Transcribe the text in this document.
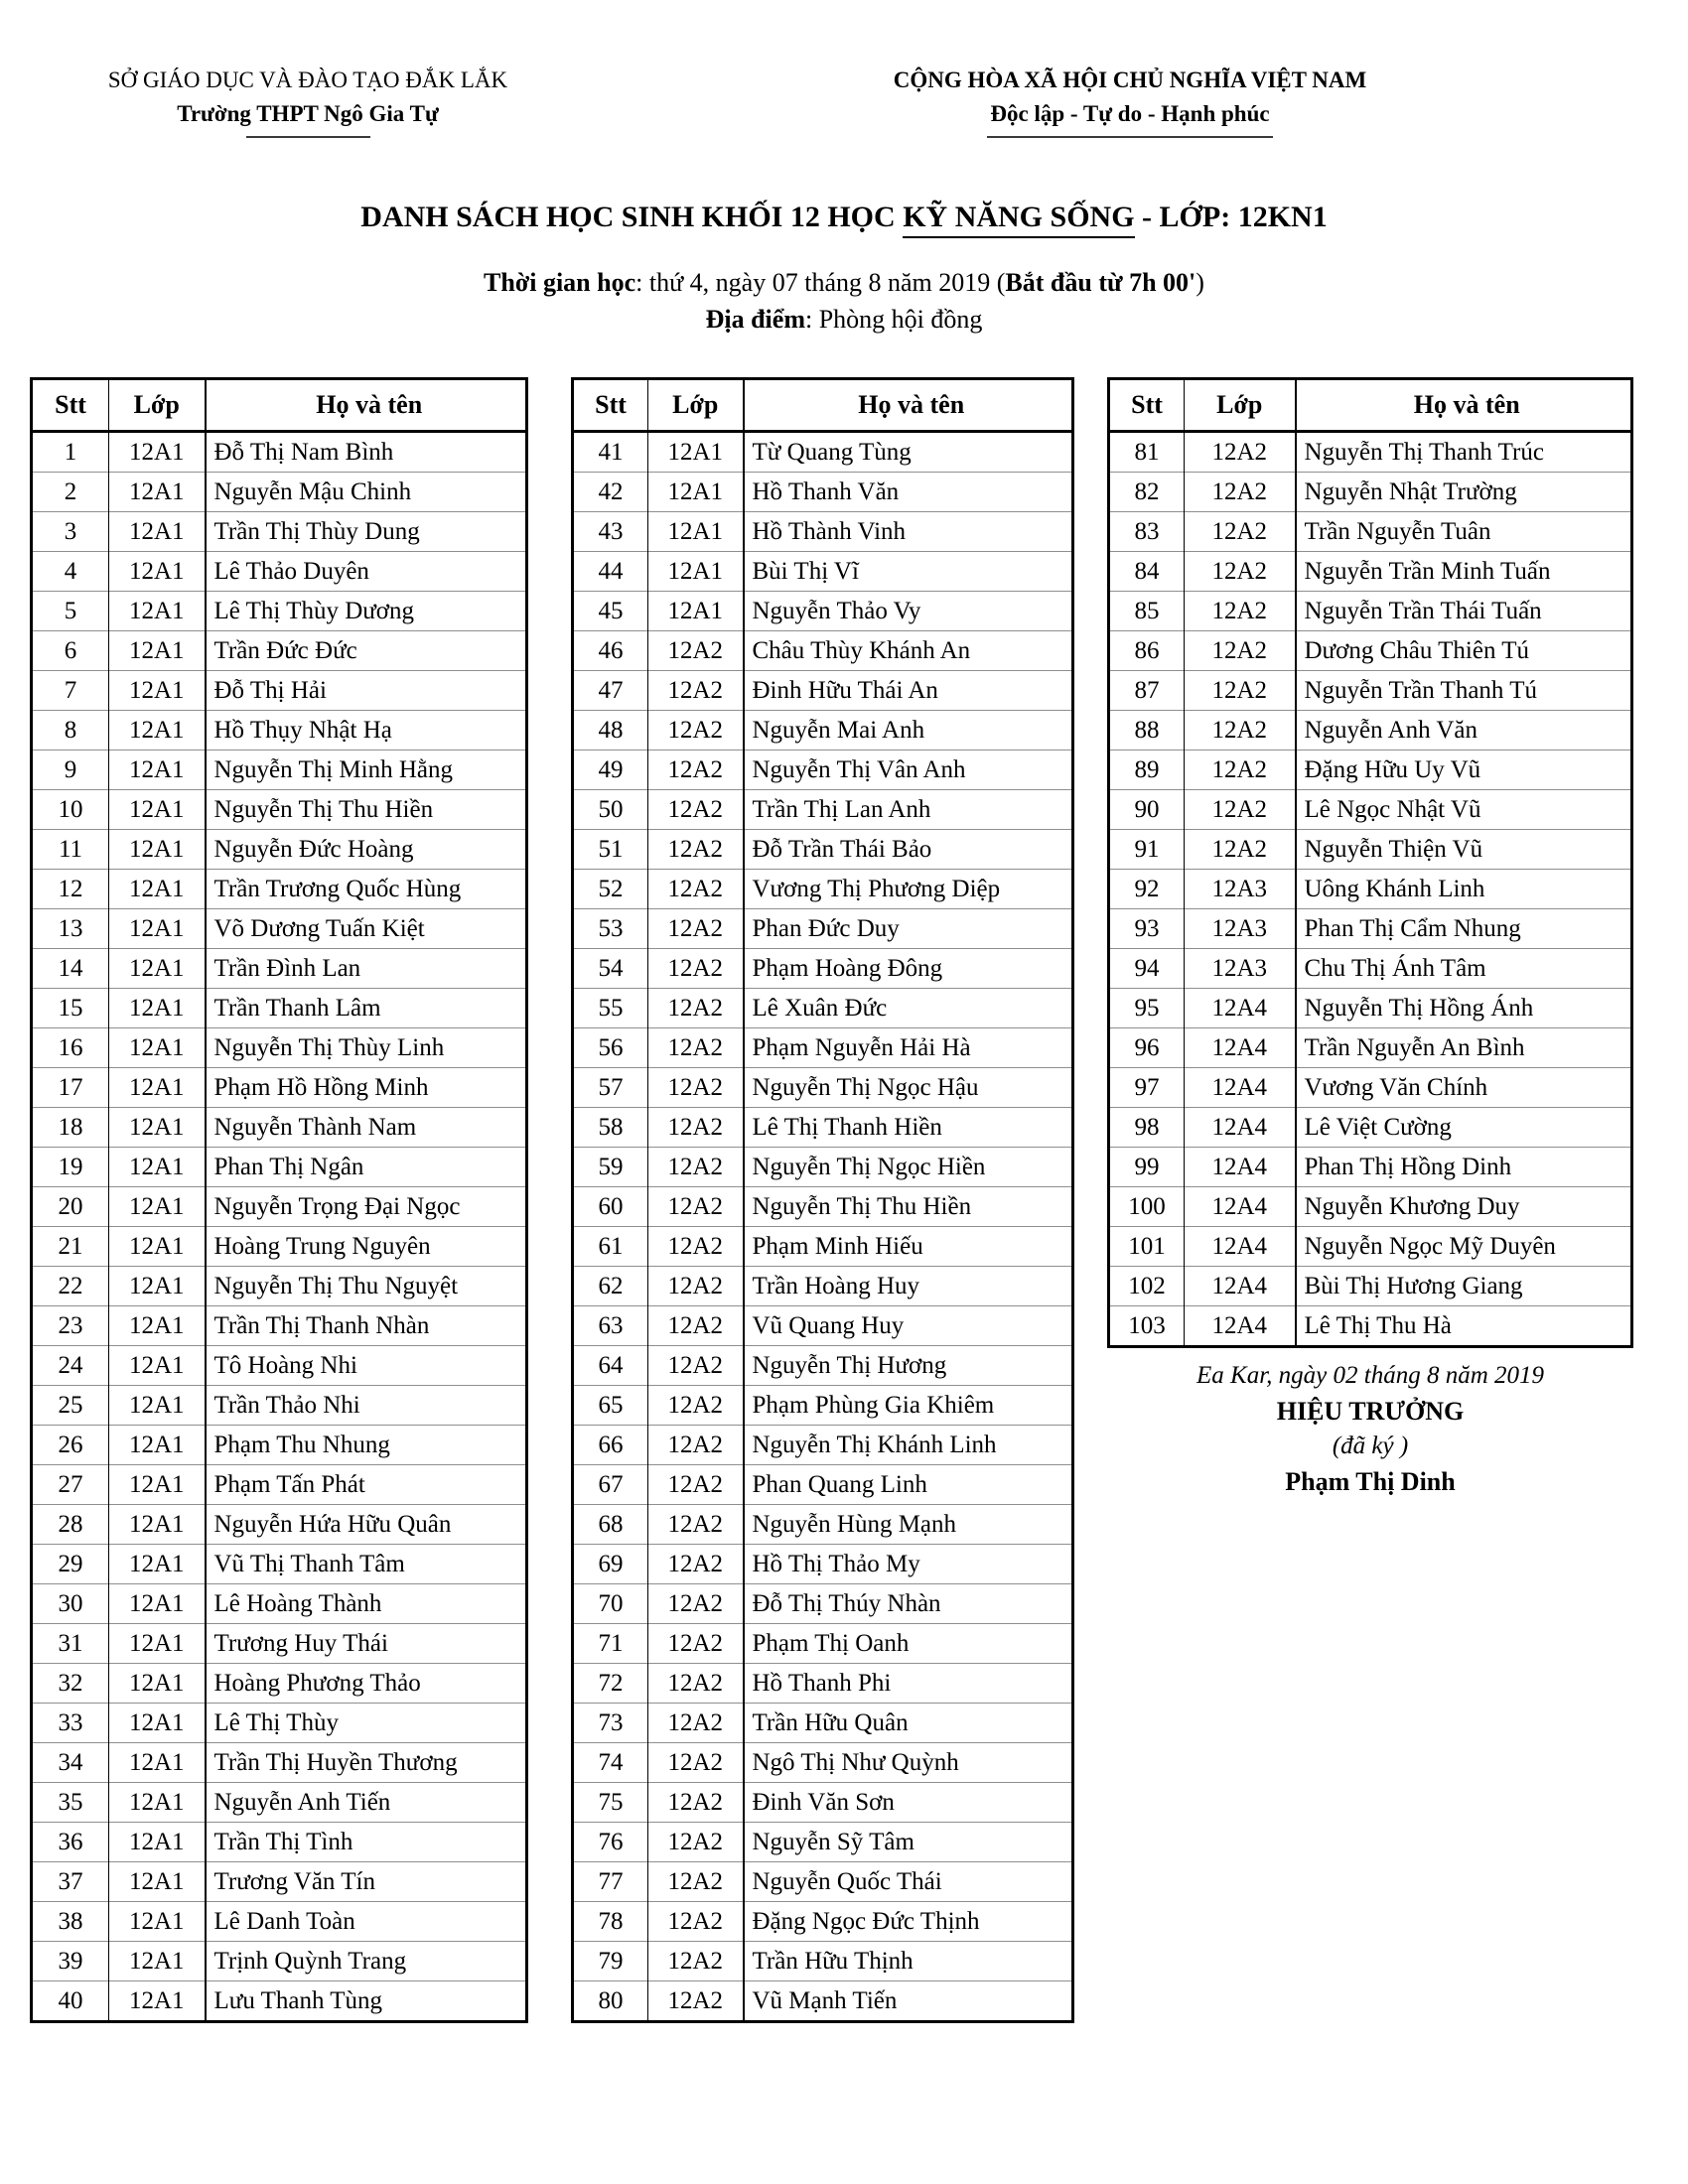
SỞ GIÁO DỤC VÀ ĐÀO TẠO ĐẮK LẮK
Trường THPT Ngô Gia Tự
CỘNG HÒA XÃ HỘI CHỦ NGHĨA VIỆT NAM
Độc lập - Tự do - Hạnh phúc
DANH SÁCH HỌC SINH KHỐI 12 HỌC KỸ NĂNG SỐNG - LỚP: 12KN1
Thời gian học: thứ 4, ngày 07 tháng 8 năm 2019 (Bắt đầu từ 7h 00')
Địa điểm: Phòng hội đồng
Stt	Lớp	Họ và tên
1	12A1	Đỗ Thị Nam Bình
2	12A1	Nguyễn Mậu Chinh
3	12A1	Trần Thị Thùy Dung
4	12A1	Lê Thảo Duyên
5	12A1	Lê Thị Thùy Dương
6	12A1	Trần Đức Đức
7	12A1	Đỗ Thị Hải
8	12A1	Hồ Thụy Nhật Hạ
9	12A1	Nguyễn Thị Minh Hằng
10	12A1	Nguyễn Thị Thu Hiền
11	12A1	Nguyễn Đức Hoàng
12	12A1	Trần Trương Quốc Hùng
13	12A1	Võ Dương Tuấn Kiệt
14	12A1	Trần Đình Lan
15	12A1	Trần Thanh Lâm
16	12A1	Nguyễn Thị Thùy Linh
17	12A1	Phạm Hồ Hồng Minh
18	12A1	Nguyễn Thành Nam
19	12A1	Phan Thị Ngân
20	12A1	Nguyễn Trọng Đại Ngọc
21	12A1	Hoàng Trung Nguyên
22	12A1	Nguyễn Thị Thu Nguyệt
23	12A1	Trần Thị Thanh Nhàn
24	12A1	Tô Hoàng Nhi
25	12A1	Trần Thảo Nhi
26	12A1	Phạm Thu Nhung
27	12A1	Phạm Tấn Phát
28	12A1	Nguyễn Hứa Hữu Quân
29	12A1	Vũ Thị Thanh Tâm
30	12A1	Lê Hoàng Thành
31	12A1	Trương Huy Thái
32	12A1	Hoàng Phương Thảo
33	12A1	Lê Thị Thùy
34	12A1	Trần Thị Huyền Thương
35	12A1	Nguyễn Anh Tiến
36	12A1	Trần Thị Tình
37	12A1	Trương Văn Tín
38	12A1	Lê Danh Toàn
39	12A1	Trịnh Quỳnh Trang
40	12A1	Lưu Thanh Tùng
Stt	Lớp	Họ và tên
41	12A1	Từ Quang Tùng
42	12A1	Hồ Thanh Văn
43	12A1	Hồ Thành Vinh
44	12A1	Bùi Thị Vĩ
45	12A1	Nguyễn Thảo Vy
46	12A2	Châu Thùy Khánh An
47	12A2	Đinh Hữu Thái An
48	12A2	Nguyễn Mai Anh
49	12A2	Nguyễn Thị Vân Anh
50	12A2	Trần Thị Lan Anh
51	12A2	Đỗ Trần Thái Bảo
52	12A2	Vương Thị Phương Diệp
53	12A2	Phan Đức Duy
54	12A2	Phạm Hoàng Đông
55	12A2	Lê Xuân Đức
56	12A2	Phạm Nguyễn Hải Hà
57	12A2	Nguyễn Thị Ngọc Hậu
58	12A2	Lê Thị Thanh Hiền
59	12A2	Nguyễn Thị Ngọc Hiền
60	12A2	Nguyễn Thị Thu Hiền
61	12A2	Phạm Minh Hiếu
62	12A2	Trần Hoàng Huy
63	12A2	Vũ Quang Huy
64	12A2	Nguyễn Thị Hương
65	12A2	Phạm Phùng Gia Khiêm
66	12A2	Nguyễn Thị Khánh Linh
67	12A2	Phan Quang Linh
68	12A2	Nguyễn Hùng Mạnh
69	12A2	Hồ Thị Thảo My
70	12A2	Đỗ Thị Thúy Nhàn
71	12A2	Phạm Thị Oanh
72	12A2	Hồ Thanh Phi
73	12A2	Trần Hữu Quân
74	12A2	Ngô Thị Như Quỳnh
75	12A2	Đinh Văn Sơn
76	12A2	Nguyễn Sỹ Tâm
77	12A2	Nguyễn Quốc Thái
78	12A2	Đặng Ngọc Đức Thịnh
79	12A2	Trần Hữu Thịnh
80	12A2	Vũ Mạnh Tiến
Stt	Lớp	Họ và tên
81	12A2	Nguyễn Thị Thanh Trúc
82	12A2	Nguyễn Nhật Trường
83	12A2	Trần Nguyễn Tuân
84	12A2	Nguyễn Trần Minh Tuấn
85	12A2	Nguyễn Trần Thái Tuấn
86	12A2	Dương Châu Thiên Tú
87	12A2	Nguyễn Trần Thanh Tú
88	12A2	Nguyễn Anh Văn
89	12A2	Đặng Hữu Uy Vũ
90	12A2	Lê Ngọc Nhật Vũ
91	12A2	Nguyễn Thiện Vũ
92	12A3	Uông Khánh Linh
93	12A3	Phan Thị Cẩm Nhung
94	12A3	Chu Thị Ánh Tâm
95	12A4	Nguyễn Thị Hồng Ánh
96	12A4	Trần Nguyễn An Bình
97	12A4	Vương Văn Chính
98	12A4	Lê Việt Cường
99	12A4	Phan Thị Hồng Dinh
100	12A4	Nguyễn Khương Duy
101	12A4	Nguyễn Ngọc Mỹ Duyên
102	12A4	Bùi Thị Hương Giang
103	12A4	Lê Thị Thu Hà
Ea Kar, ngày 02 tháng 8 năm 2019
HIỆU TRƯỞNG
(đã ký )
Phạm Thị Dinh
